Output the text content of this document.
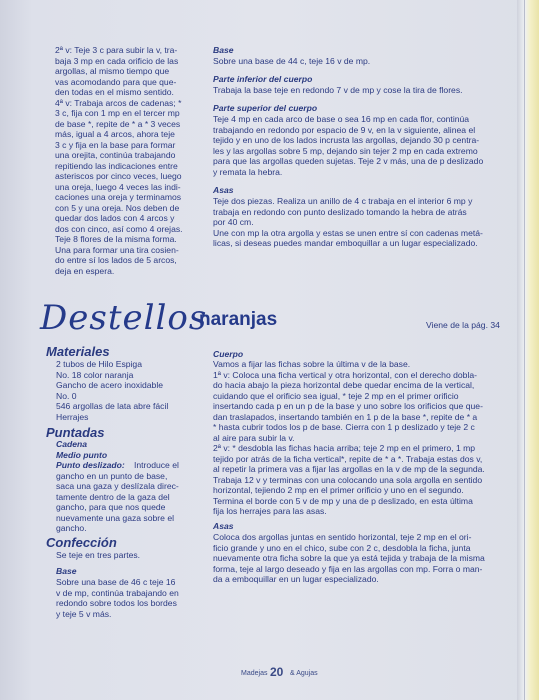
2ª v: Teje 3 c para subir la v, tra-
baja 3 mp en cada orificio de las
argollas, al mismo tiempo que
vas acomodando para que que-
den todas en el mismo sentido.
4ª v: Trabaja arcos de cadenas; *
3 c, fija con 1 mp en el tercer mp
de base *, repite de * a * 3 veces
más, igual a 4 arcos, ahora teje
3 c y fija en la base para formar
una orejita, continúa trabajando
repitiendo las indicaciones entre
asteriscos por cinco veces, luego
una oreja, luego 4 veces las indi-
caciones una oreja y terminamos
con 5 y una oreja. Nos deben de
quedar dos lados con 4 arcos y
dos con cinco, así como 4 orejas.
Teje 8 flores de la misma forma.
Una para formar una tira cosien-
do entre sí los lados de 5 arcos,
deja en espera.
Base
Sobre una base de 44 c, teje 16 v de mp.
Parte inferior del cuerpo
Trabaja la base teje en redondo 7 v de mp y cose la tira de flores.
Parte superior del cuerpo
Teje 4 mp en cada arco de base o sea 16 mp en cada flor, continúa
trabajando en redondo por espacio de 9 v, en la v siguiente, alinea el
tejido y en uno de los lados incrusta las argollas, dejando 30 p centra-
les y las argollas sobre 5 mp, dejando sin tejer 2 mp en cada extremo
para que las argollas queden sujetas. Teje 2 v más, una de p deslizado
y remata la hebra.
Asas
Teje dos piezas. Realiza un anillo de 4 c trabaja en el interior 6 mp y
trabaja en redondo con punto deslizado tomando la hebra de atrás
por 40 cm.
Une con mp la otra argolla y estas se unen entre sí con cadenas metá-
licas, si deseas puedes mandar emboquillar a un lugar especializado.
Destellos
naranjas	Viene de la pág. 34
Materiales
2 tubos de Hilo Espiga
No. 18 color naranja
Gancho de acero inoxidable
No. 0
546 argollas de lata abre fácil
Herrajes
Puntadas
Cadena
Medio punto
Punto deslizado: Introduce el
gancho en un punto de base,
saca una gaza y deslízala direc-
tamente dentro de la gaza del
gancho, para que nos quede
nuevamente una gaza sobre el
gancho.
Confección
Se teje en tres partes.
Base
Sobre una base de 46 c teje 16
v de mp, continúa trabajando en
redondo sobre todos los bordes
y teje 5 v más.
Cuerpo
Vamos a fijar las fichas sobre la última v de la base.
1ª v: Coloca una ficha vertical y otra horizontal, con el derecho dobla-
do hacia abajo la pieza horizontal debe quedar encima de la vertical,
cuidando que el orificio sea igual, * teje 2 mp en el primer orificio
insertando cada p en un p de la base y uno sobre los orificios que que-
dan traslapados, insertando también en 1 p de la base *, repite de * a
* hasta cubrir todos los p de base. Cierra con 1 p deslizado y teje 2 c
al aire para subir la v.
2ª v: * desdobla las fichas hacia arriba; teje 2 mp en el primero, 1 mp
tejido por atrás de la ficha vertical*, repite de * a *. Trabaja estas dos v,
al repetir la primera vas a fijar las argollas en la v de mp de la segunda.
Trabaja 12 v y terminas con una colocando una sola argolla en sentido
horizontal, tejiendo 2 mp en el primer orificio y uno en el segundo.
Termina el borde con 5 v de mp y una de p deslizado, en esta última
fija los herrajes para las asas.
Asas
Coloca dos argollas juntas en sentido horizontal, teje 2 mp en el ori-
ficio grande y uno en el chico, sube con 2 c, desdobla la ficha, junta
nuevamente otra ficha sobre la que ya está tejida y trabaja de la misma
forma, teje al largo deseado y fija en las argollas con mp. Forra o man-
da a emboquillar en un lugar especializado.
Madejas 20 & Agujas
